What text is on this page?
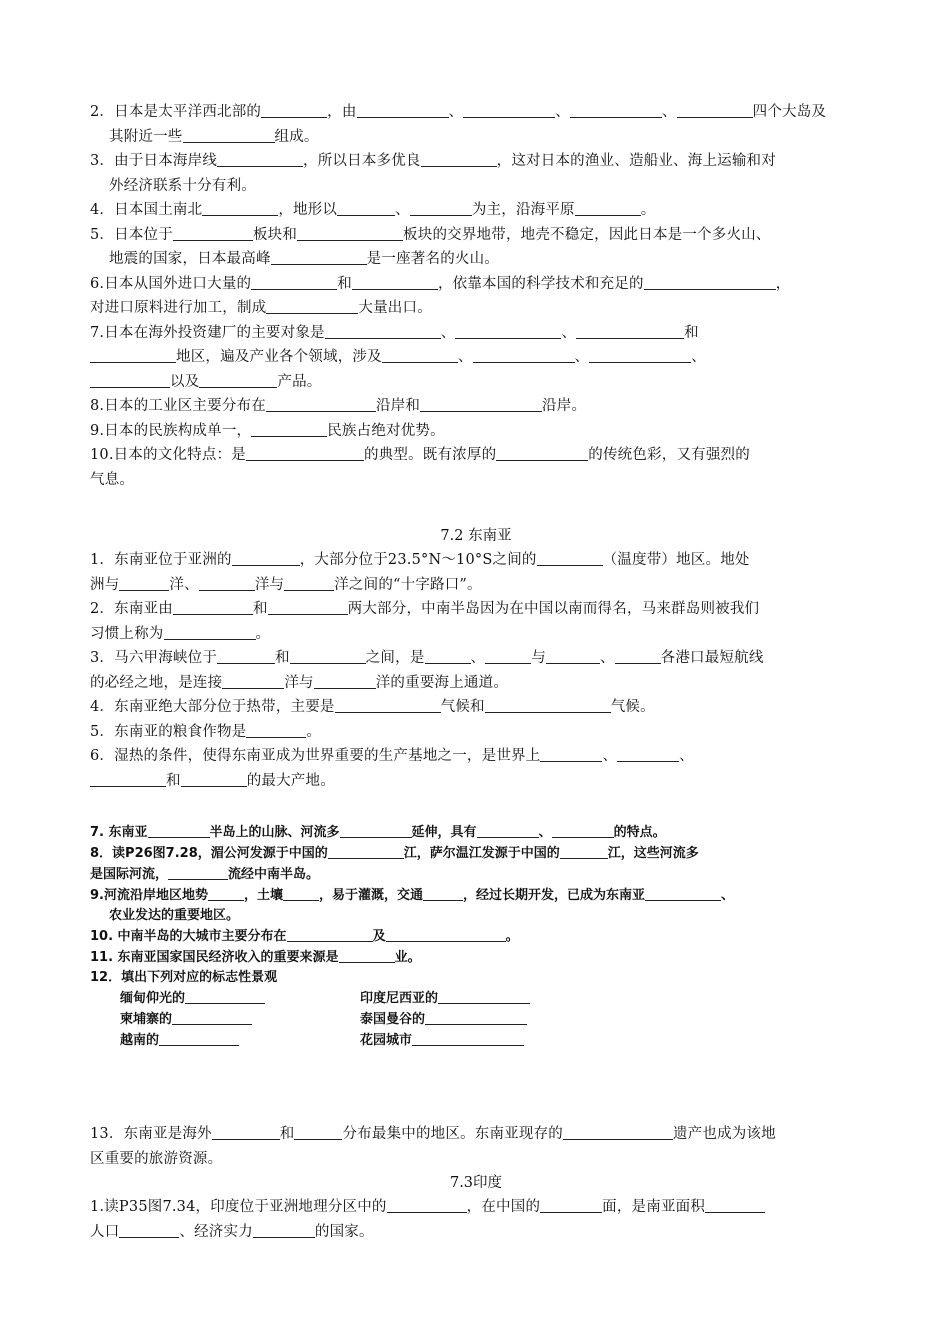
2．日本是太平洋西北部的	，由	、	、	、	四个大岛及

其附近一些	组成。

3．由于日本海岸线	，所以日本多优良	，这对日本的渔业、造船业、海上运输和对

外经济联系十分有利。

4．日本国土南北	，地形以	、	为主，沿海平原	。

5．日本位于	板块和	板块的交界地带，地壳不稳定，因此日本是一个多火山、

地震的国家，日本最高峰	是一座著名的火山。

6.日本从国外进口大量的	和	，依靠本国的科学技术和充足的	，

对进口原料进行加工，制成	大量出口。

7.日本在海外投资建厂的主要对象是	、	、	和

地区，遍及产业各个领域，涉及	、	、	、

以及	产品。

8.日本的工业区主要分布在	沿岸和	沿岸。

9.日本的民族构成单一，	民族占绝对优势。

10.日本的文化特点：是	的典型。既有浓厚的	的传统色彩，又有强烈的

气息。

7.2 东南亚

1．东南亚位于亚洲的	，大部分位于23.5°N～10°S之间的	（温度带）地区。地处

洲与	洋、	洋与	洋之间的“十字路口”。

2．东南亚由	和	两大部分，中南半岛因为在中国以南而得名，马来群岛则被我们

习惯上称为	。

3．马六甲海峡位于	和	之间，是	、	与	、	各港口最短航线

的必经之地，是连接	洋与	洋的重要海上通道。

4．东南亚绝大部分位于热带，主要是	气候和	气候。

5．东南亚的粮食作物是	。

6．湿热的条件，使得东南亚成为世界重要的生产基地之一，是世界上	、	、

和	的最大产地。

7. 东南亚	半岛上的山脉、河流多	延伸，具有	、	的特点。

8．读P26图7.28，湄公河发源于中国的	江，萨尔温江发源于中国的	江，这些河流多

是国际河流，	流经中南半岛。

9.河流沿岸地区地势	，土壤	，易于灌溉，交通	，经过长期开发，已成为东南亚	、

农业发达的重要地区。

10. 中南半岛的大城市主要分布在	及	。

11. 东南亚国家国民经济收入的重要来源是	业。

12．填出下列对应的标志性景观

缅甸仰光的	印度尼西亚的
柬埔寨的	泰国曼谷的
越南的	花园城市

13．东南亚是海外	和	分布最集中的地区。东南亚现存的	遗产也成为该地

区重要的旅游资源。

7.3印度

1.读P35图7.34，印度位于亚洲地理分区中的	，在中国的	面，是南亚面积

人口	、经济实力	的国家。
